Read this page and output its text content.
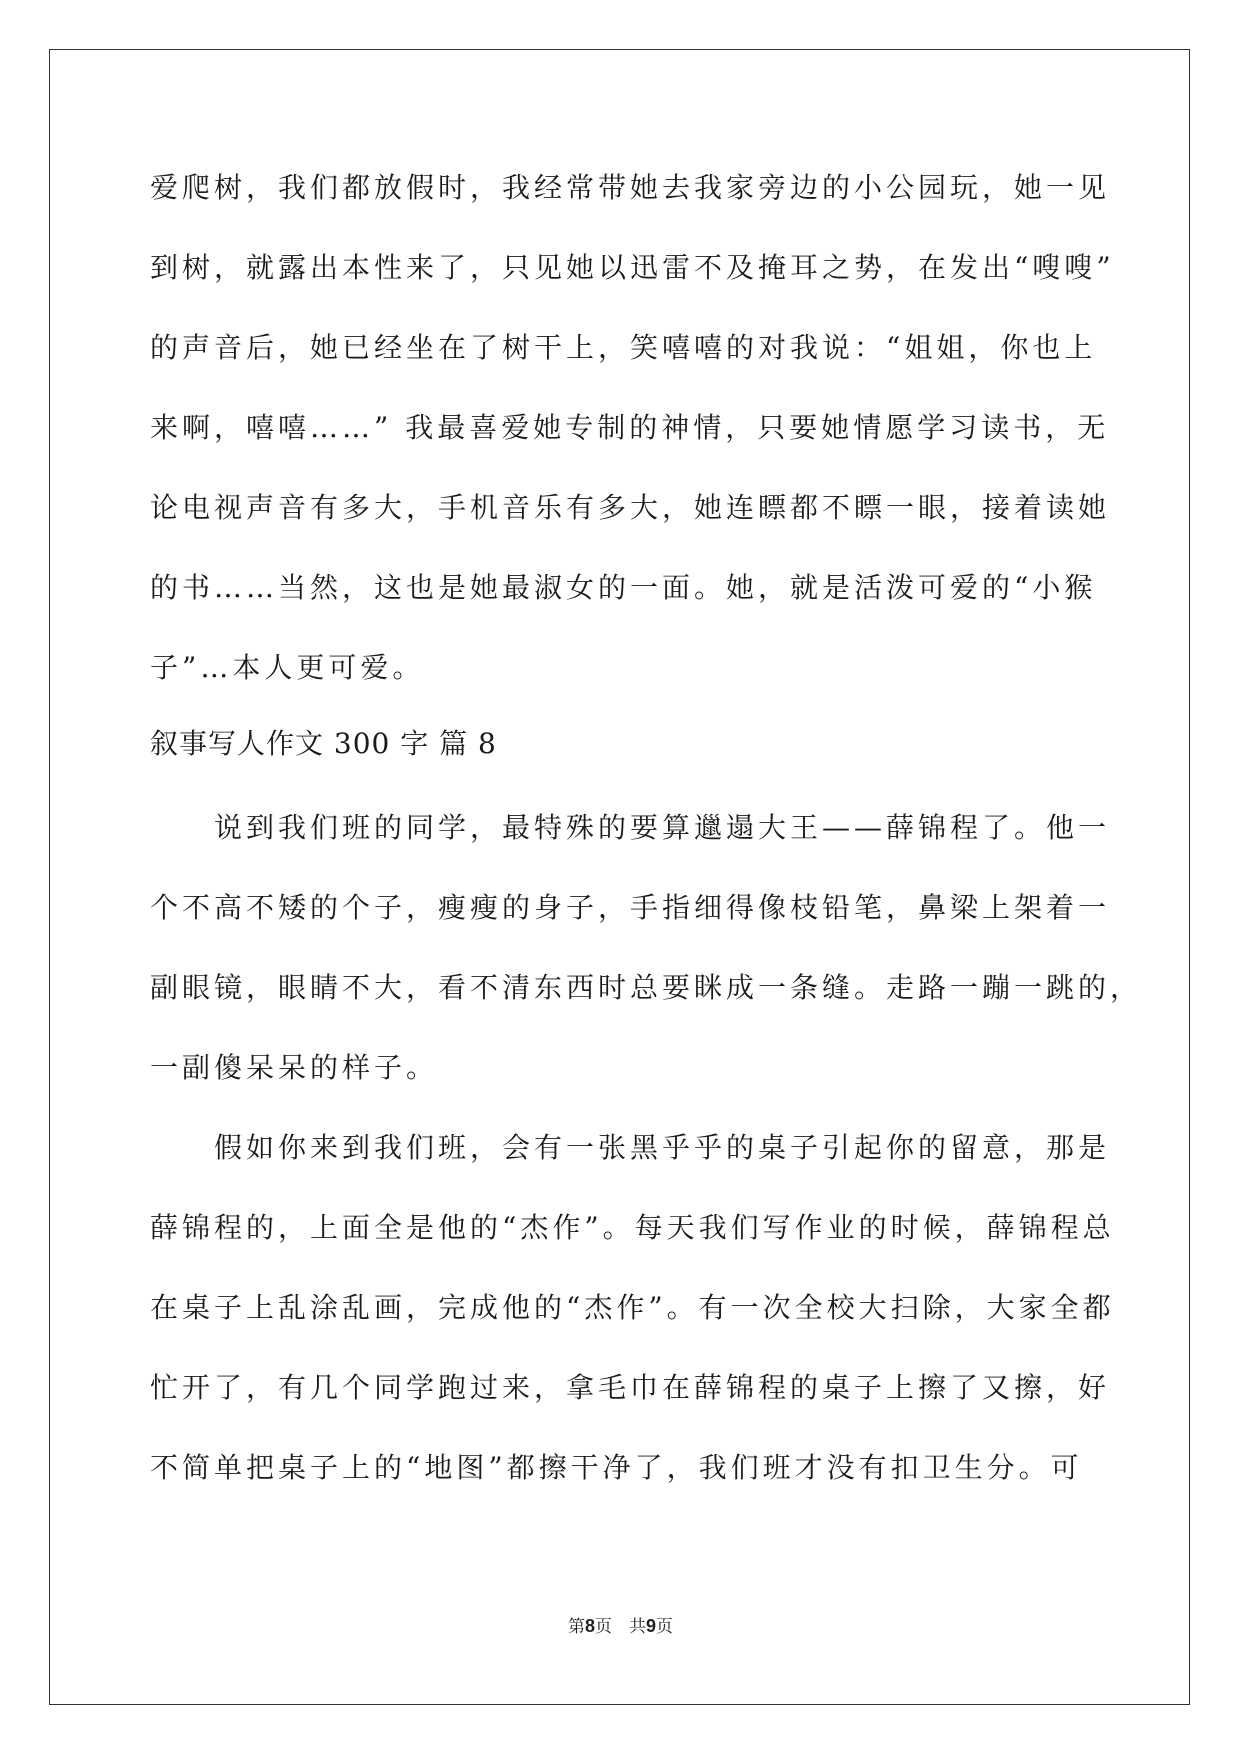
爱爬树，我们都放假时，我经常带她去我家旁边的小公园玩，她一见
到树，就露出本性来了，只见她以迅雷不及掩耳之势，在发出“嗖嗖”
的声音后，她已经坐在了树干上，笑嘻嘻的对我说：“姐姐，你也上
来啊，嘻嘻……” 我最喜爱她专制的神情，只要她情愿学习读书，无
论电视声音有多大，手机音乐有多大，她连瞟都不瞟一眼，接着读她
的书……当然，这也是她最淑女的一面。她，就是活泼可爱的“小猴
子”…本人更可爱。
叙事写人作文 300 字 篇 8
　　说到我们班的同学，最特殊的要算邋遢大王——薛锦程了。他一
个不高不矮的个子，瘦瘦的身子，手指细得像枝铅笔，鼻梁上架着一
副眼镜，眼睛不大，看不清东西时总要眯成一条缝。走路一蹦一跳的，
一副傻呆呆的样子。
　　假如你来到我们班，会有一张黑乎乎的桌子引起你的留意，那是
薛锦程的，上面全是他的“杰作”。每天我们写作业的时候，薛锦程总
在桌子上乱涂乱画，完成他的“杰作”。有一次全校大扫除，大家全都
忙开了，有几个同学跑过来，拿毛巾在薛锦程的桌子上擦了又擦，好
不简单把桌子上的“地图”都擦干净了，我们班才没有扣卫生分。可
第8页　共9页
